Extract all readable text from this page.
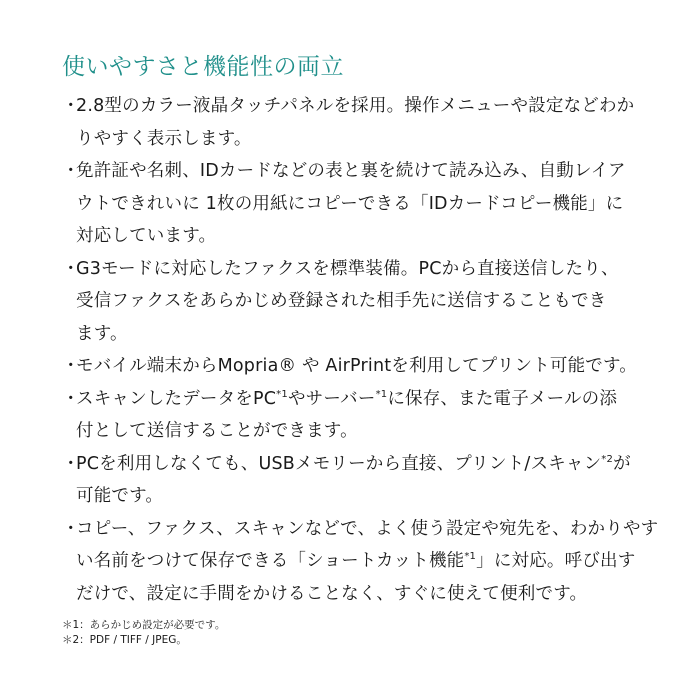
使いやすさと機能性の両立
・
2.8型のカラー液晶タッチパネルを採用。操作メニューや設定などわか
りやすく表示します。
・
免許証や名刺、IDカードなどの表と裏を続けて読み込み、自動レイア
ウトできれいに 1枚の用紙にコピーできる「IDカードコピー機能」に
対応しています。
・
G3モードに対応したファクスを標準装備。PCから直接送信したり、
受信ファクスをあらかじめ登録された相手先に送信することもでき
ます。
・
モバイル端末からMopria® や AirPrintを利用してプリント可能です。
・
スキャンしたデータをPC$^{*1}$やサーバー$^{*1}$に保存、また電子メールの添
付として送信することができます。
・
PCを利用しなくても、USBメモリーから直接、プリント/スキャン$^{*2}$が
可能です。
・
コピー、ファクス、スキャンなどで、よく使う設定や宛先を、わかりやす
い名前をつけて保存できる「ショートカット機能$^{*1}$」に対応。呼び出す
だけで、設定に手間をかけることなく、すぐに使えて便利です。
＊1：あらかじめ設定が必要です。
＊2：PDF / TIFF / JPEG。
